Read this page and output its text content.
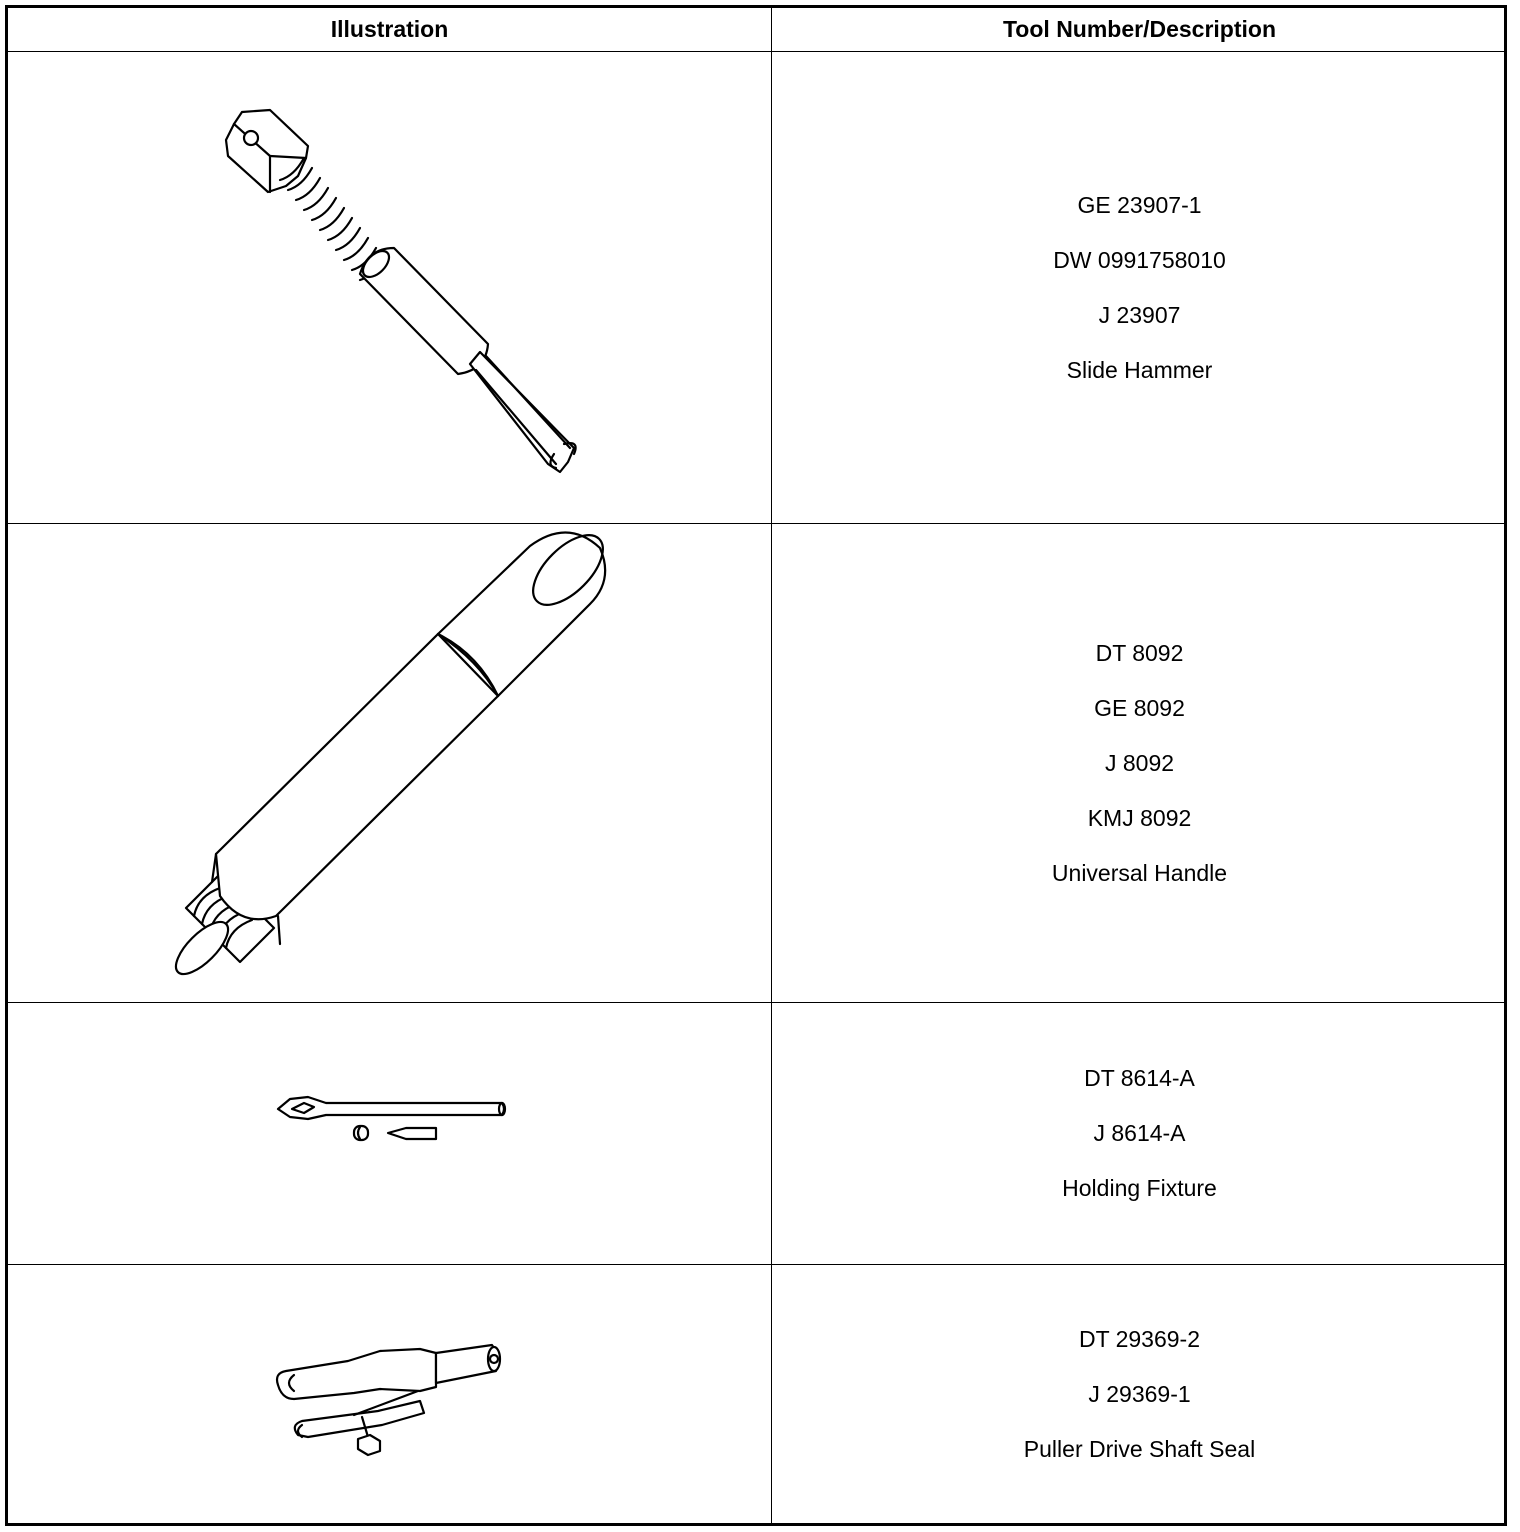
Illustration	Tool Number/Description
GE 23907-1
DW 0991758010
J 23907
Slide Hammer
DT 8092
GE 8092
J 8092
KMJ 8092
Universal Handle
DT 8614-A
J 8614-A
Holding Fixture
DT 29369-2
J 29369-1
Puller Drive Shaft Seal
